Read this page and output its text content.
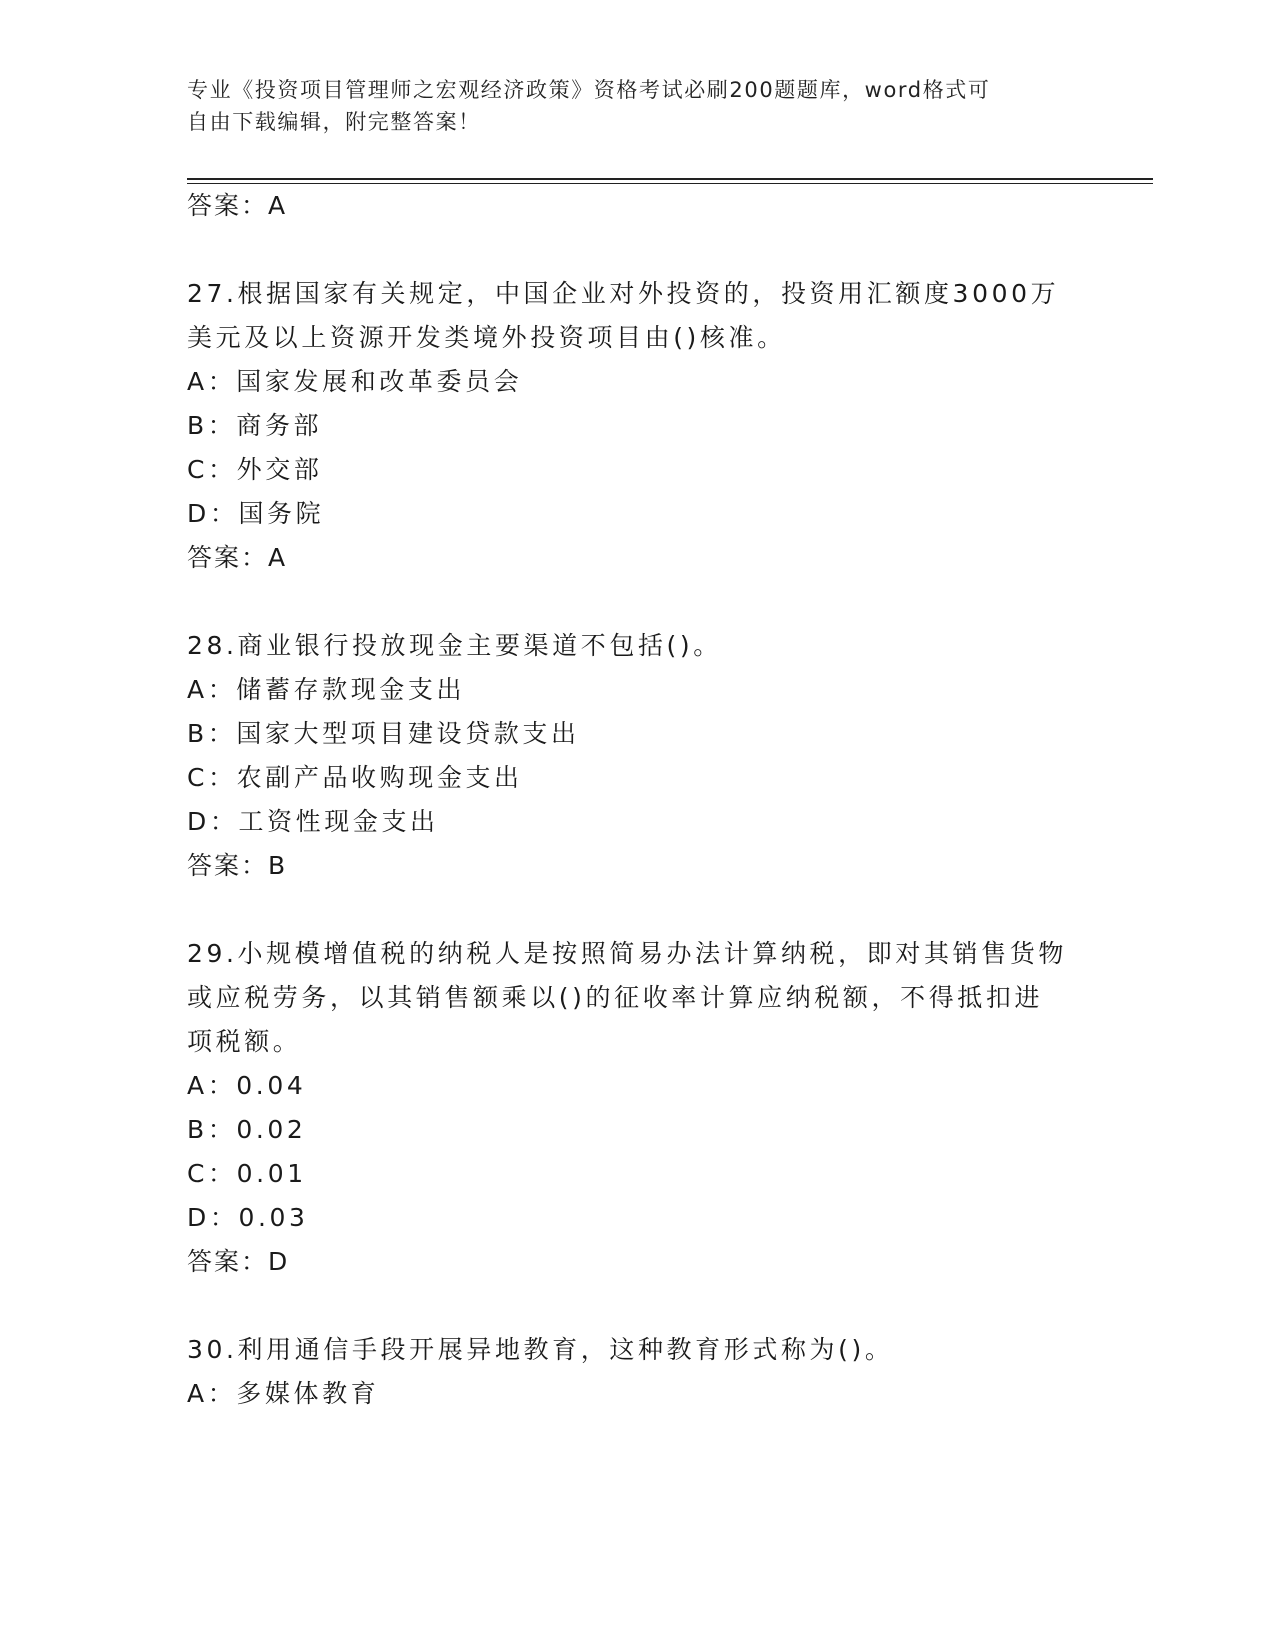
专业《投资项目管理师之宏观经济政策》资格考试必刷200题题库，word格式可
自由下载编辑，附完整答案！
答案：A
27.根据国家有关规定，中国企业对外投资的，投资用汇额度3000万
美元及以上资源开发类境外投资项目由()核准。
A：国家发展和改革委员会
B：商务部
C：外交部
D：国务院
答案：A
28.商业银行投放现金主要渠道不包括()。
A：储蓄存款现金支出
B：国家大型项目建设贷款支出
C：农副产品收购现金支出
D：工资性现金支出
答案：B
29.小规模增值税的纳税人是按照简易办法计算纳税，即对其销售货物
或应税劳务，以其销售额乘以()的征收率计算应纳税额，不得抵扣进
项税额。
A：0.04
B：0.02
C：0.01
D：0.03
答案：D
30.利用通信手段开展异地教育，这种教育形式称为()。
A：多媒体教育
